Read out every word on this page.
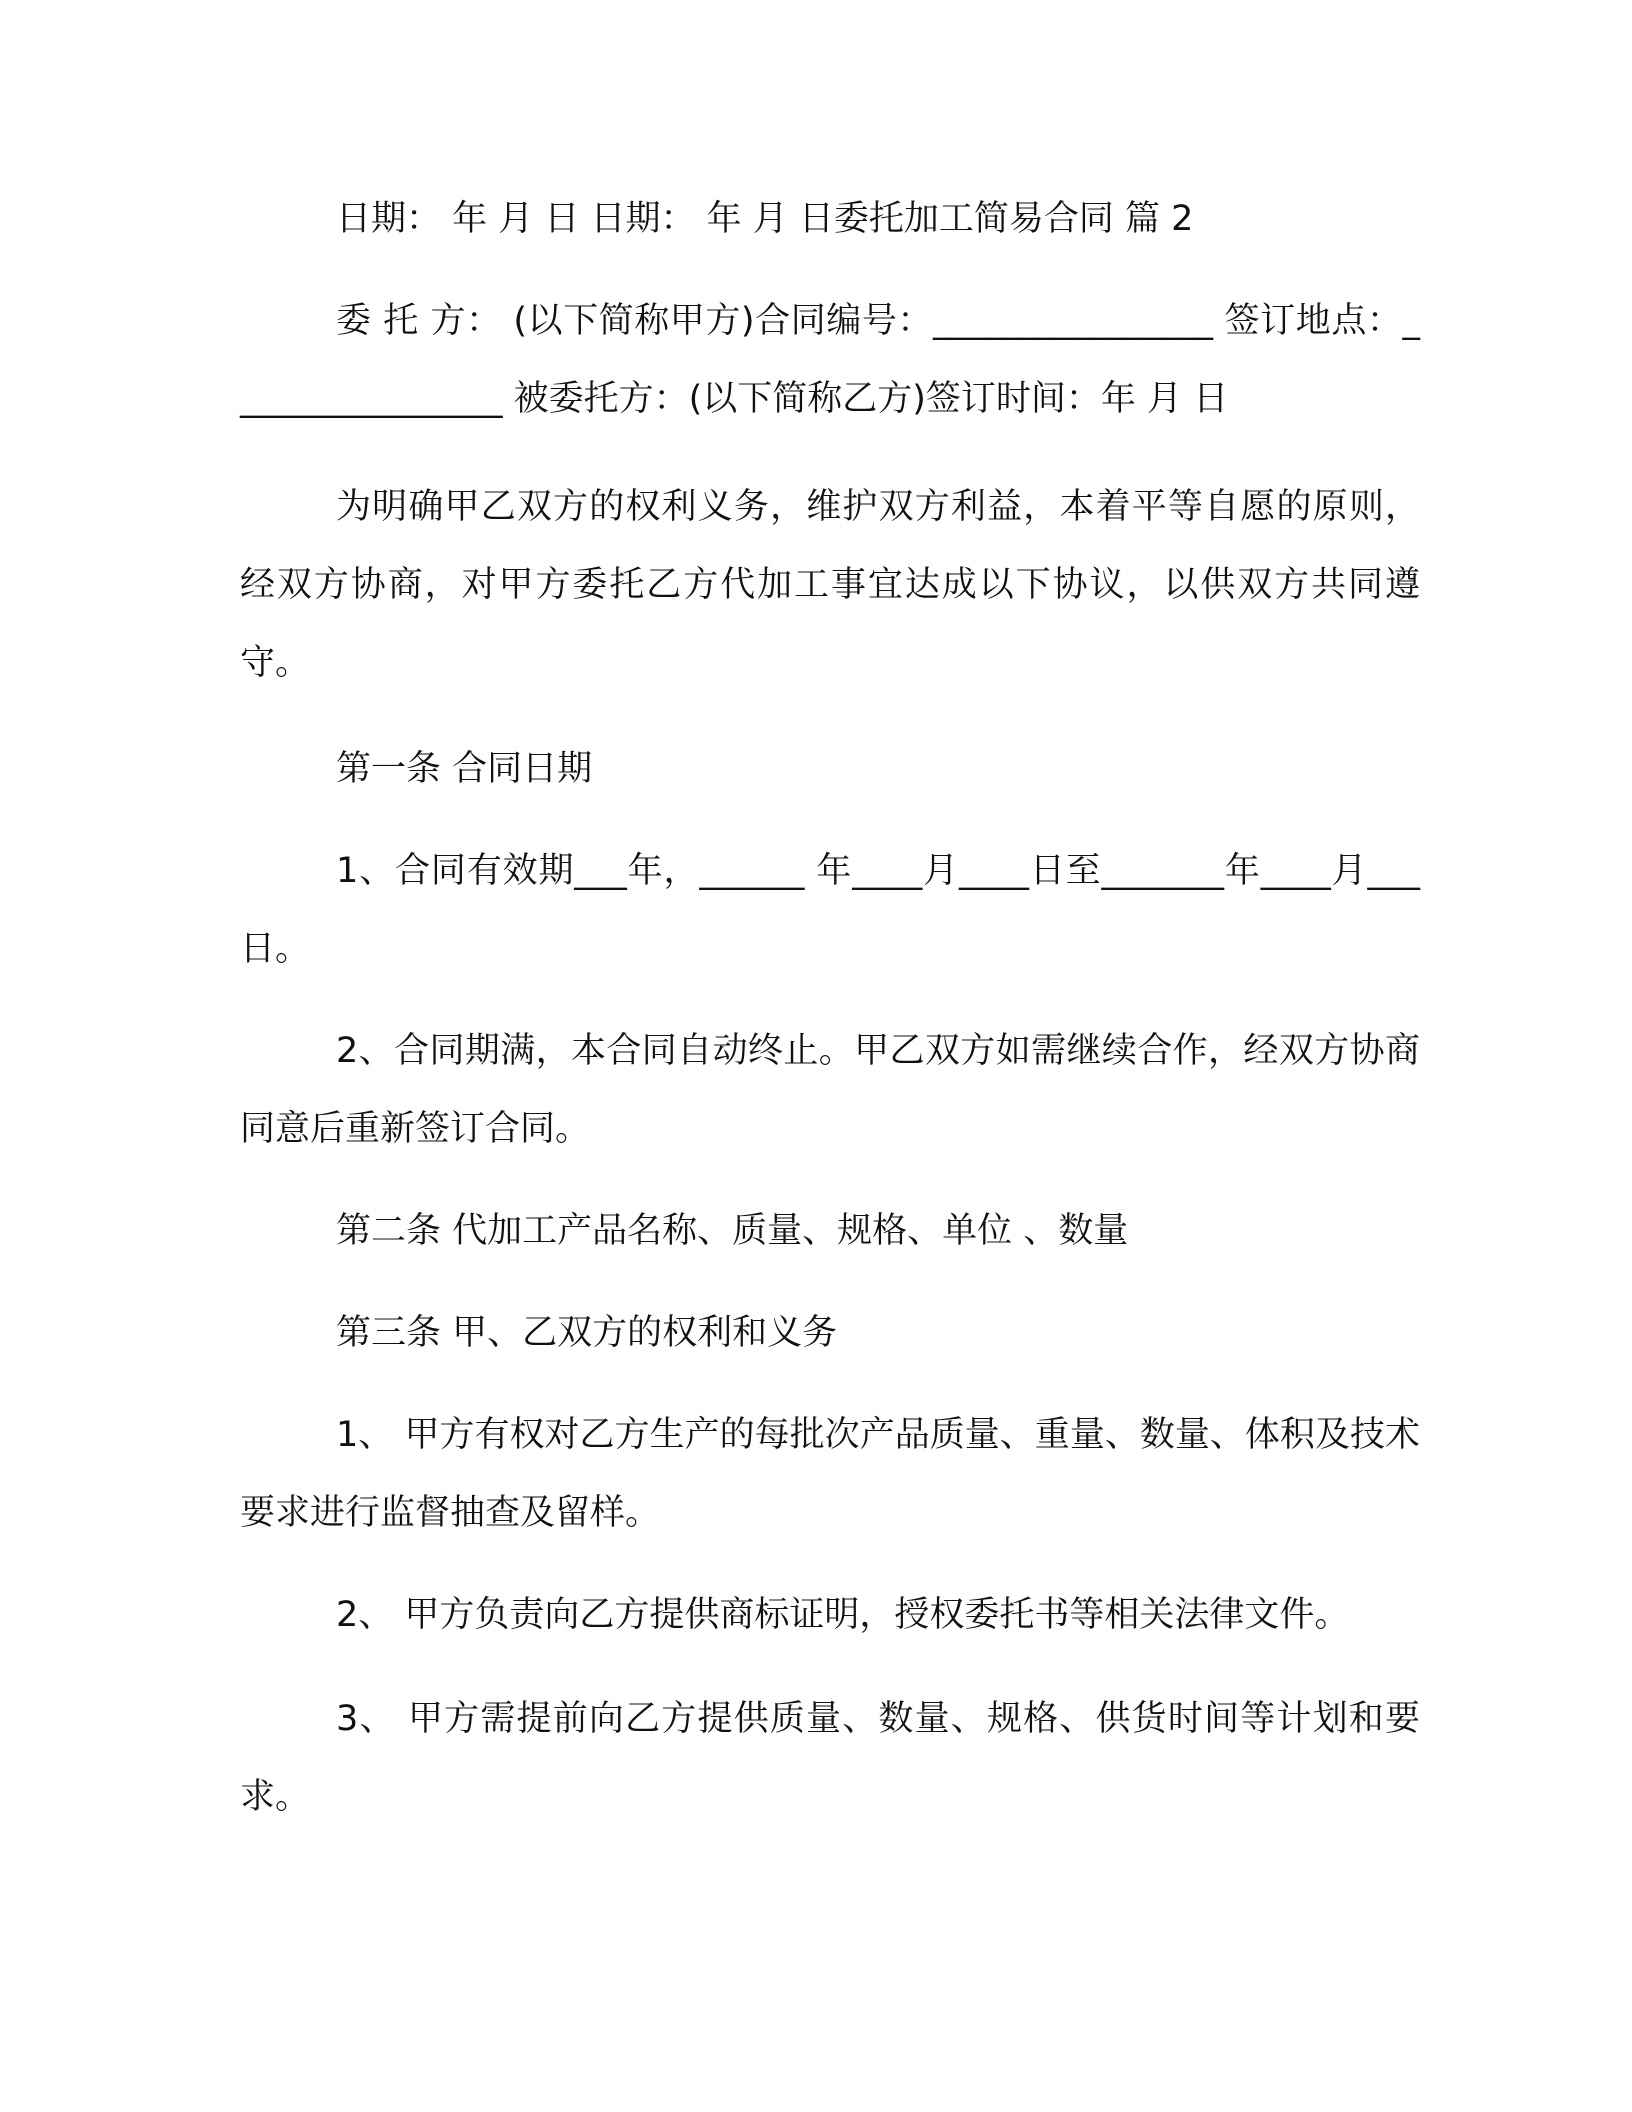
日期： 年 月 日 日期： 年 月 日委托加工简易合同 篇 2

委 托 方： (以下简称甲方)合同编号：________________ 签订地点：________________ 被委托方：(以下简称乙方)签订时间：年 月 日

为明确甲乙双方的权利义务，维护双方利益，本着平等自愿的原则，经双方协商，对甲方委托乙方代加工事宜达成以下协议，以供双方共同遵守。

第一条 合同日期

1、合同有效期___年，______ 年____月____日至_______年____月___日。

2、合同期满，本合同自动终止。甲乙双方如需继续合作，经双方协商同意后重新签订合同。

第二条 代加工产品名称、质量、规格、单位 、数量

第三条 甲、乙双方的权利和义务

1、 甲方有权对乙方生产的每批次产品质量、重量、数量、体积及技术要求进行监督抽查及留样。

2、 甲方负责向乙方提供商标证明，授权委托书等相关法律文件。

3、 甲方需提前向乙方提供质量、数量、规格、供货时间等计划和要求。
